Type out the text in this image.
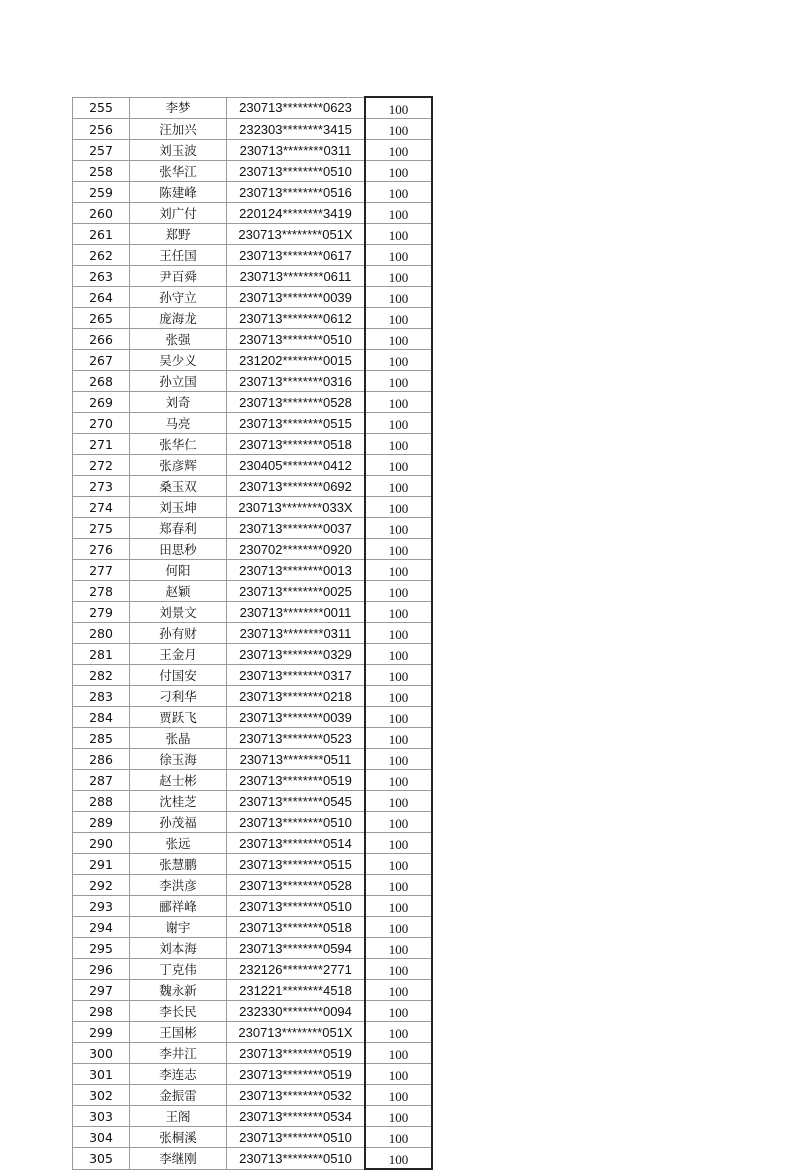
255	李梦	230713********0623	100
256	汪加兴	232303********3415	100
257	刘玉波	230713********0311	100
258	张华江	230713********0510	100
259	陈建峰	230713********0516	100
260	刘广付	220124********3419	100
261	郑野	230713********051X	100
262	王任国	230713********0617	100
263	尹百舜	230713********0611	100
264	孙守立	230713********0039	100
265	庞海龙	230713********0612	100
266	张强	230713********0510	100
267	吴少义	231202********0015	100
268	孙立国	230713********0316	100
269	刘奇	230713********0528	100
270	马亮	230713********0515	100
271	张华仁	230713********0518	100
272	张彦辉	230405********0412	100
273	桑玉双	230713********0692	100
274	刘玉坤	230713********033X	100
275	郑春利	230713********0037	100
276	田思秒	230702********0920	100
277	何阳	230713********0013	100
278	赵颖	230713********0025	100
279	刘景文	230713********0011	100
280	孙有财	230713********0311	100
281	王金月	230713********0329	100
282	付国安	230713********0317	100
283	刁利华	230713********0218	100
284	贾跃飞	230713********0039	100
285	张晶	230713********0523	100
286	徐玉海	230713********0511	100
287	赵士彬	230713********0519	100
288	沈桂芝	230713********0545	100
289	孙茂福	230713********0510	100
290	张远	230713********0514	100
291	张慧鹏	230713********0515	100
292	李洪彦	230713********0528	100
293	郦祥峰	230713********0510	100
294	谢宇	230713********0518	100
295	刘本海	230713********0594	100
296	丁克伟	232126********2771	100
297	魏永新	231221********4518	100
298	李长民	232330********0094	100
299	王国彬	230713********051X	100
300	李井江	230713********0519	100
301	李连志	230713********0519	100
302	金振雷	230713********0532	100
303	王阁	230713********0534	100
304	张桐溪	230713********0510	100
305	李继刚	230713********0510	100
